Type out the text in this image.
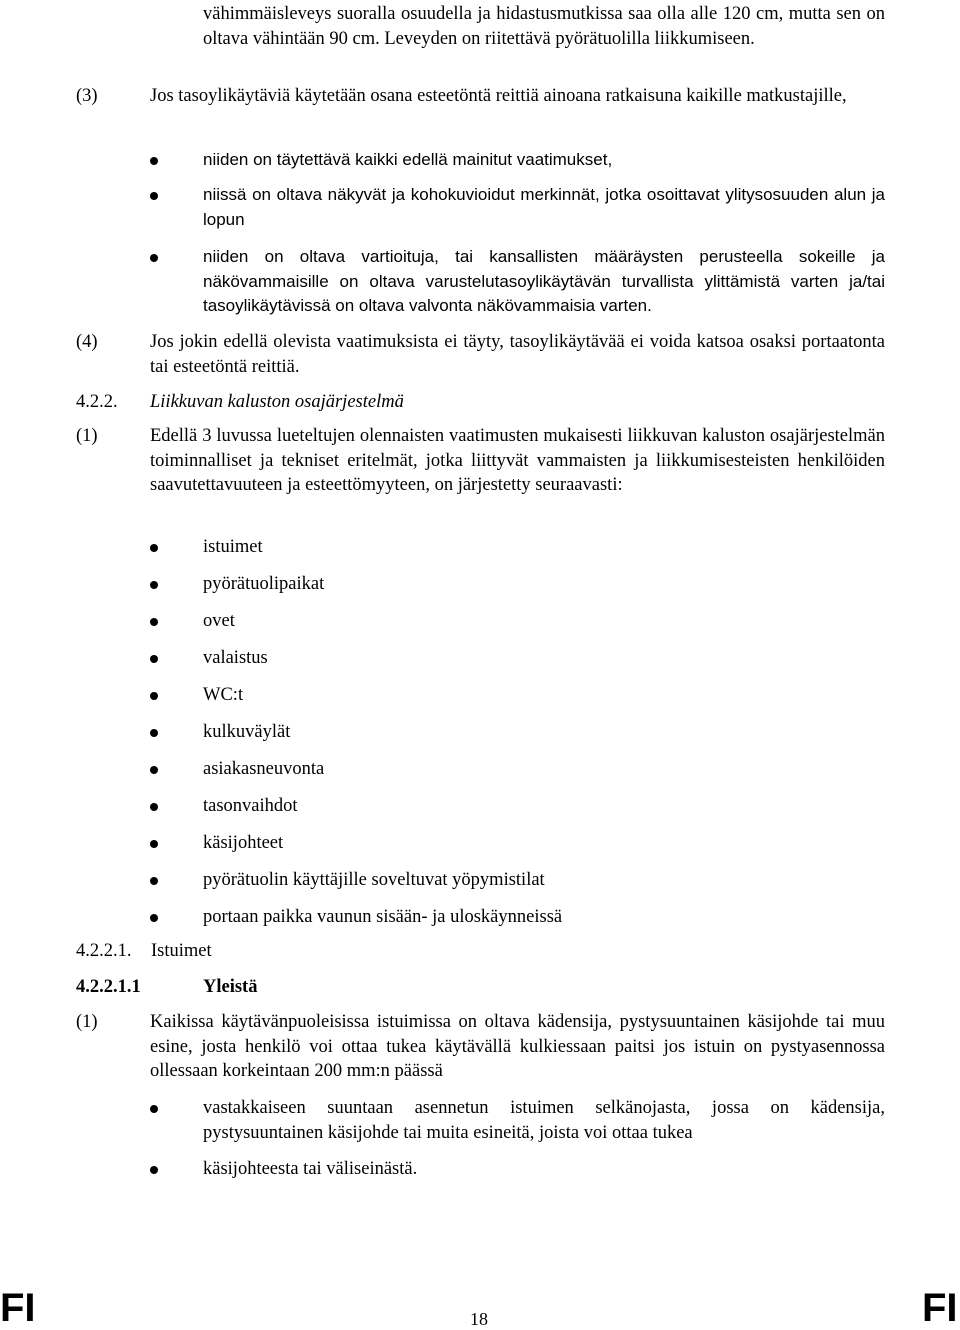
vähimmäisleveys suoralla osuudella ja hidastusmutkissa saa olla alle 120 cm, mutta sen on oltava vähintään 90 cm. Leveyden on riitettävä pyörätuolilla liikkumiseen.
(3)	Jos tasoylikäytäviä käytetään osana esteetöntä reittiä ainoana ratkaisuna kaikille matkustajille,
niiden on täytettävä kaikki edellä mainitut vaatimukset,
niissä on oltava näkyvät ja kohokuvioidut merkinnät, jotka osoittavat ylitysosuuden alun ja lopun
niiden on oltava vartioituja, tai kansallisten määräysten perusteella sokeille ja näkövammaisille on oltava varustelutasoylikäytävän turvallista ylittämistä varten ja/tai tasoylikäytävissä on oltava valvonta näkövammaisia varten.
(4)	Jos jokin edellä olevista vaatimuksista ei täyty, tasoylikäytävää ei voida katsoa osaksi portaatonta tai esteetöntä reittiä.
4.2.2. Liikkuvan kaluston osajärjestelmä
(1)	Edellä 3 luvussa lueteltujen olennaisten vaatimusten mukaisesti liikkuvan kaluston osajärjestelmän toiminnalliset ja tekniset eritelmät, jotka liittyvät vammaisten ja liikkumisesteisten henkilöiden saavutettavuuteen ja esteettömyyteen, on järjestetty seuraavasti:
istuimet
pyörätuolipaikat
ovet
valaistus
WC:t
kulkuväylät
asiakasneuvonta
tasonvaihdot
käsijohteet
pyörätuolin käyttäjille soveltuvat yöpymistilat
portaan paikka vaunun sisään- ja uloskäynneissä
4.2.2.1. Istuimet
4.2.2.1.1	Yleistä
(1)	Kaikissa käytävänpuoleisissa istuimissa on oltava kädensija, pystysuuntainen käsijohde tai muu esine, josta henkilö voi ottaa tukea käytävällä kulkiessaan paitsi jos istuin on pystyasennossa ollessaan korkeintaan 200 mm:n päässä
vastakkaiseen suuntaan asennetun istuimen selkänojasta, jossa on kädensija, pystysuuntainen käsijohde tai muita esineitä, joista voi ottaa tukea
käsijohteesta tai väliseinästä.
FI	18	FI
